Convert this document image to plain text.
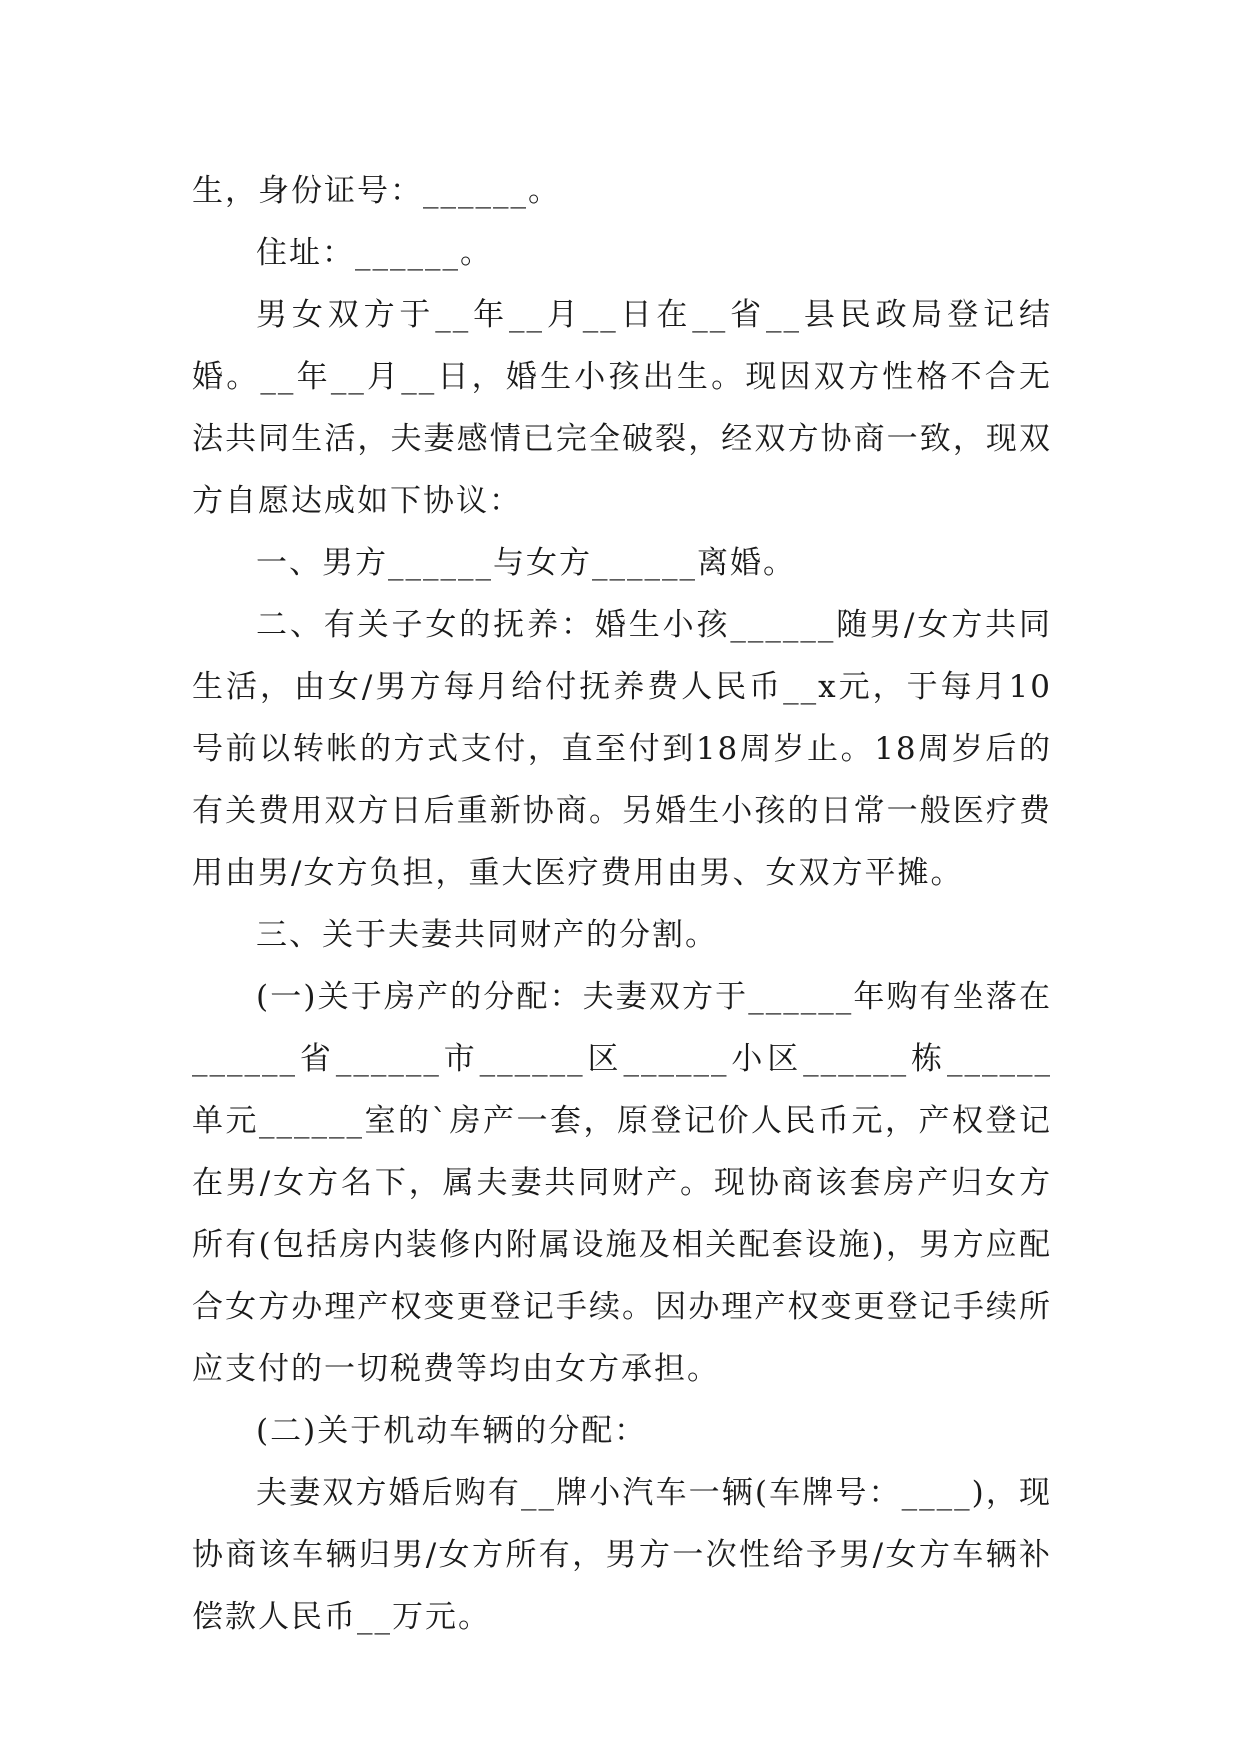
生，身份证号：______。

住址：______。

男女双方于__年__月__日在__省__县民政局登记结婚。__年__月__日，婚生小孩出生。现因双方性格不合无法共同生活，夫妻感情已完全破裂，经双方协商一致，现双方自愿达成如下协议：

一、男方______与女方______离婚。

二、有关子女的抚养：婚生小孩______随男/女方共同生活，由女/男方每月给付抚养费人民币__x元，于每月10号前以转帐的方式支付，直至付到18周岁止。18周岁后的有关费用双方日后重新协商。另婚生小孩的日常一般医疗费用由男/女方负担，重大医疗费用由男、女双方平摊。

三、关于夫妻共同财产的分割。

(一)关于房产的分配：夫妻双方于______年购有坐落在______省______市______区______小区______栋______单元______室的`房产一套，原登记价人民币元，产权登记在男/女方名下，属夫妻共同财产。现协商该套房产归女方所有(包括房内装修内附属设施及相关配套设施)，男方应配合女方办理产权变更登记手续。因办理产权变更登记手续所应支付的一切税费等均由女方承担。

(二)关于机动车辆的分配：

夫妻双方婚后购有__牌小汽车一辆(车牌号：____)，现协商该车辆归男/女方所有，男方一次性给予男/女方车辆补偿款人民币__万元。
